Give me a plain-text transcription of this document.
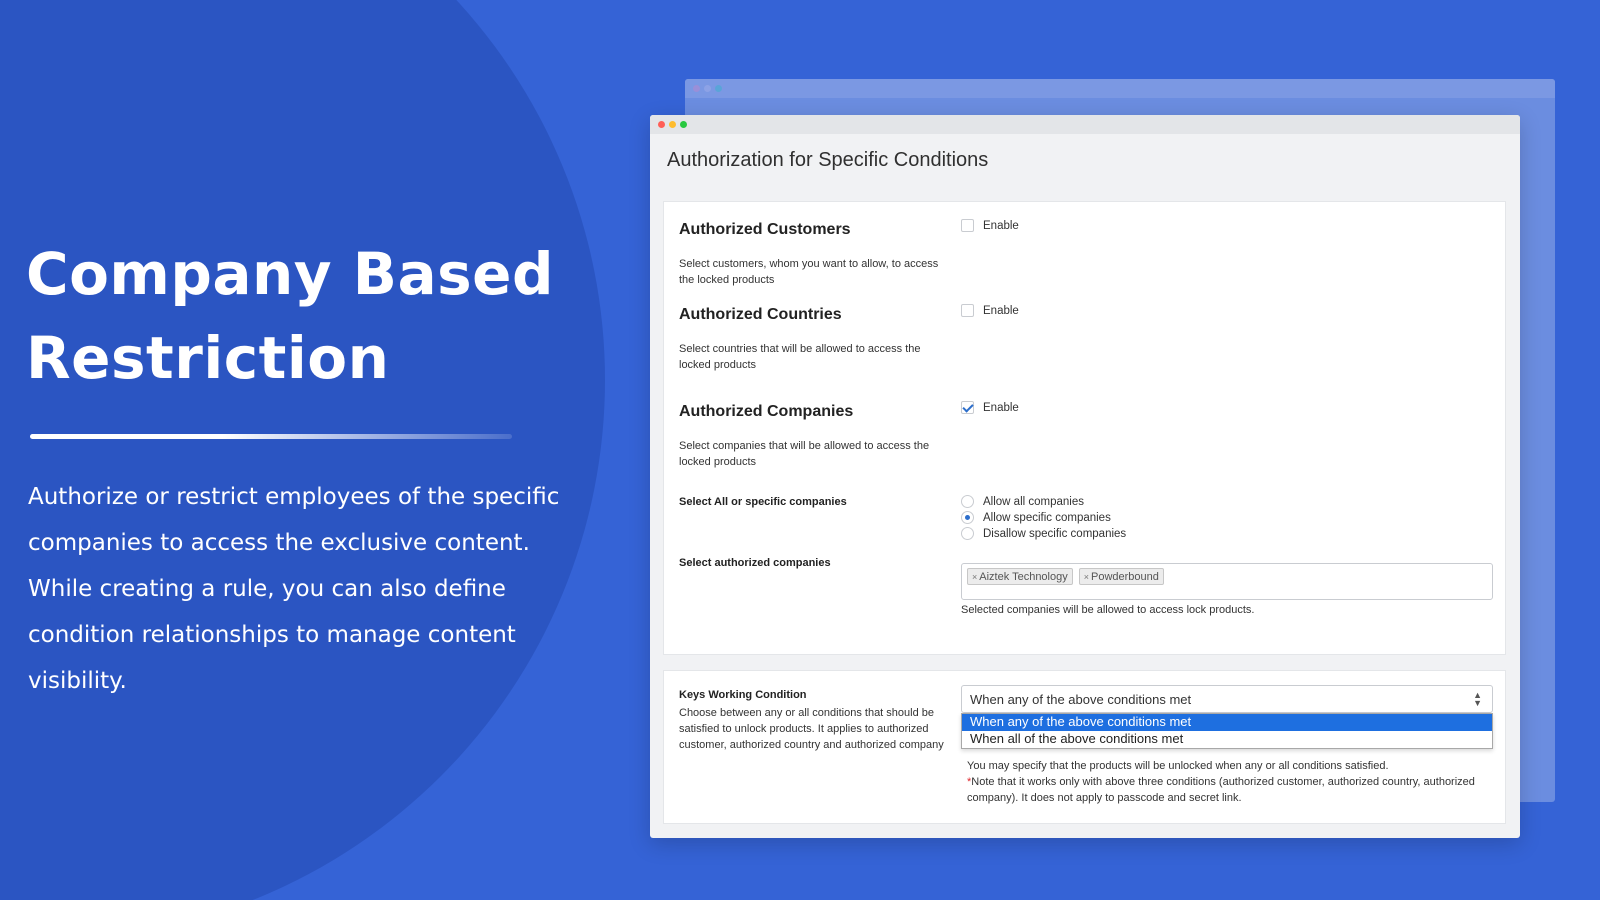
Company Based
Restriction
Authorize or restrict employees of the specific companies to access the exclusive content. While creating a rule, you can also define condition relationships to manage content visibility.
Authorization for Specific Conditions
Authorized Customers
Select customers, whom you want to allow, to access the locked products
Enable
Authorized Countries
Select countries that will be allowed to access the locked products
Enable
Authorized Companies
Select companies that will be allowed to access the locked products
Enable
Select All or specific companies	Allow all companies
Allow specific companies
Disallow specific companies
Select authorized companies
× Aiztek Technology × Powderbound
Selected companies will be allowed to access lock products.
Keys Working Condition
Choose between any or all conditions that should be satisfied to unlock products. It applies to authorized customer, authorized country and authorized company
When any of the above conditions met	▲
▼
When any of the above conditions met
When all of the above conditions met
You may specify that the products will be unlocked when any or all conditions satisfied.
*Note that it works only with above three conditions (authorized customer, authorized country, authorized company). It does not apply to passcode and secret link.
